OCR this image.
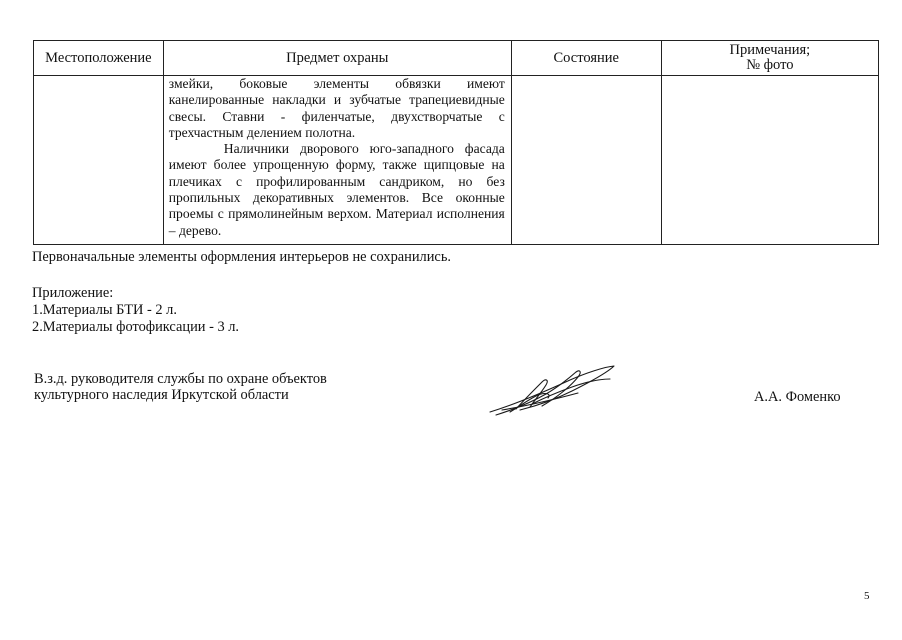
Местоположение	Предмет охраны	Состояние	Примечания;
№ фото

	змейки, боковые элементы обвязки имеют канелированные накладки и зубчатые трапециевидные свесы. Ставни - филенчатые, двухстворчатые с трехчастным делением полотна.

Наличники дворового юго-западного фасада имеют более упрощенную форму, также щипцовые на плечиках с профилированным сандриком, но без пропильных декоративных элементов. Все оконные проемы с прямолинейным верхом. Материал исполнения – дерево.		

Первоначальные элементы оформления интерьеров не сохранились.
Приложение:
1.Материалы БТИ - 2 л.
2.Материалы фотофиксации - 3 л.
В.з.д. руководителя службы по охране объектов
культурного наследия Иркутской области	А.А. Фоменко
5
